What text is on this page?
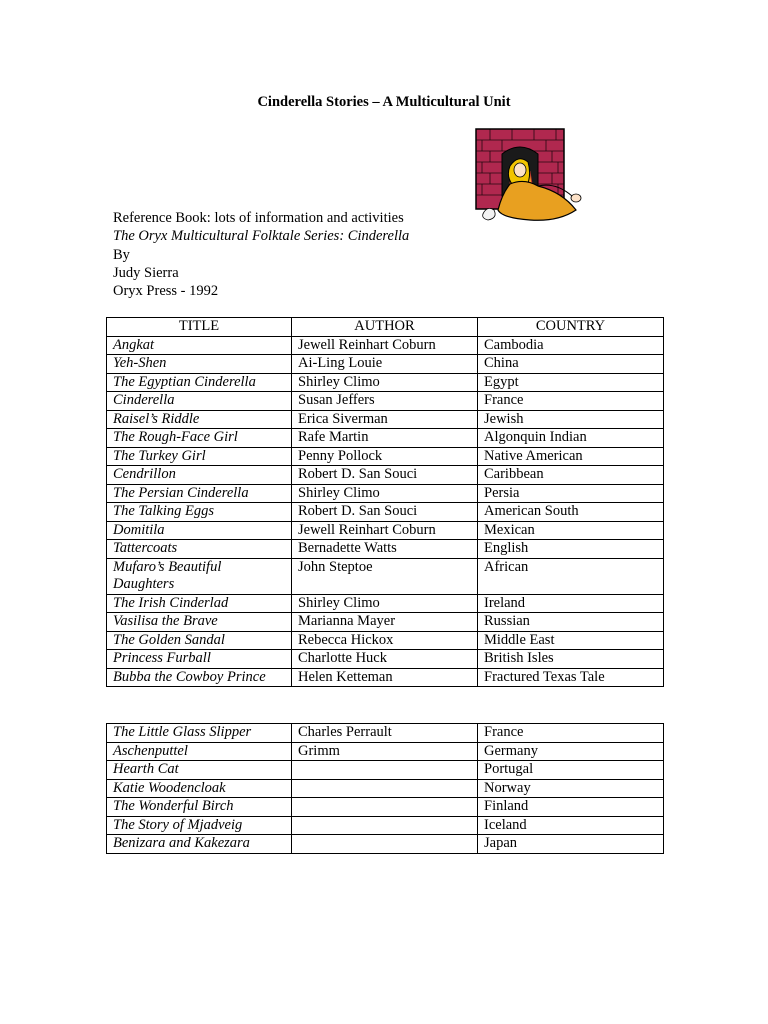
Cinderella Stories – A Multicultural Unit
Reference Book: lots of information and activities
The Oryx Multicultural Folktale Series: Cinderella
By
Judy Sierra
Oryx Press - 1992
TITLE	AUTHOR	COUNTRY
Angkat	Jewell Reinhart Coburn	Cambodia
Yeh-Shen	Ai-Ling Louie	China
The Egyptian Cinderella	Shirley Climo	Egypt
Cinderella	Susan Jeffers	France
Raisel’s Riddle	Erica Siverman	Jewish
The Rough-Face Girl	Rafe Martin	Algonquin Indian
The Turkey Girl	Penny Pollock	Native American
Cendrillon	Robert D. San Souci	Caribbean
The Persian Cinderella	Shirley Climo	Persia
The Talking Eggs	Robert D. San Souci	American South
Domitila	Jewell Reinhart Coburn	Mexican
Tattercoats	Bernadette Watts	English
Mufaro’s Beautiful Daughters	John Steptoe	African
The Irish Cinderlad	Shirley Climo	Ireland
Vasilisa the Brave	Marianna Mayer	Russian
The Golden Sandal	Rebecca Hickox	Middle East
Princess Furball	Charlotte Huck	British Isles
Bubba the Cowboy Prince	Helen Ketteman	Fractured Texas Tale
The Little Glass Slipper	Charles Perrault	France
Aschenputtel	Grimm	Germany
Hearth Cat		Portugal
Katie Woodencloak		Norway
The Wonderful Birch		Finland
The Story of Mjadveig		Iceland
Benizara and Kakezara		Japan
